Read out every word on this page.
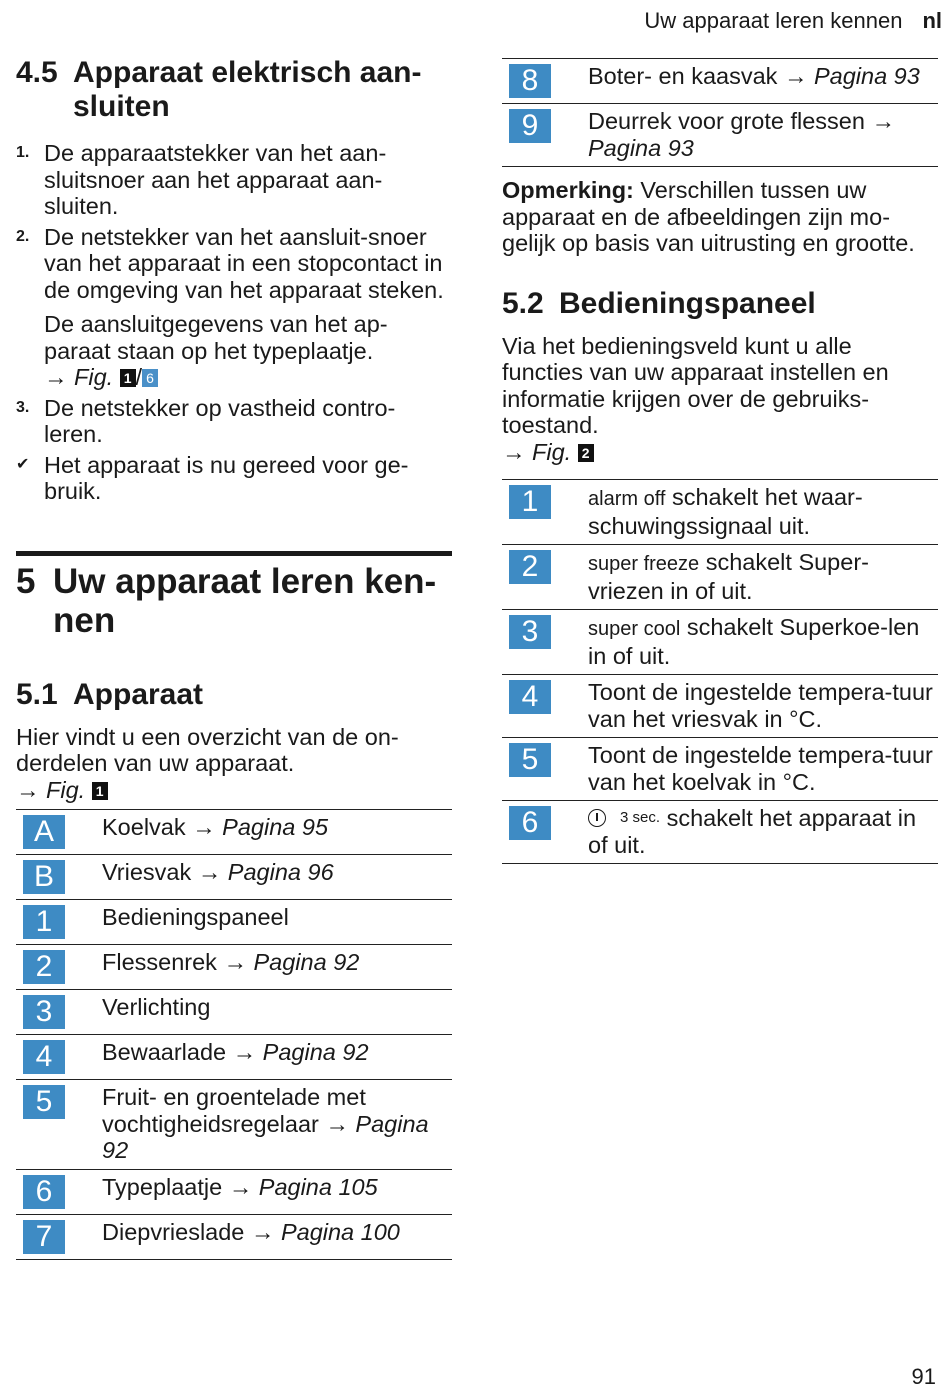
Uw apparaat leren kennen nl
4.5 Apparaat elektrisch aan-sluiten
1. De apparaatstekker van het aan-sluitsnoer aan het apparaat aan-sluiten.
2. De netstekker van het aansluit-snoer van het apparaat in een stopcontact in de omgeving van het apparaat steken.
De aansluitgegevens van het ap-paraat staan op het typeplaatje.
→ Fig. 1 / 6
3. De netstekker op vastheid contro-leren.
✔ Het apparaat is nu gereed voor ge-bruik.
5 Uw apparaat leren ken-nen
5.1 Apparaat
Hier vindt u een overzicht van de on-derdelen van uw apparaat.
→ Fig. 1
A	Koelvak → Pagina 95
B	Vriesvak → Pagina 96
1	Bedieningspaneel
2	Flessenrek → Pagina 92
3	Verlichting
4	Bewaarlade → Pagina 92
5	Fruit- en groentelade met vochtigheidsregelaar → Pagina 92
6	Typeplaatje → Pagina 105
7	Diepvrieslade → Pagina 100
8	Boter- en kaasvak → Pagina 93
9	Deurrek voor grote flessen → Pagina 93
Opmerking: Verschillen tussen uw apparaat en de afbeeldingen zijn mo-gelijk op basis van uitrusting en grootte.
5.2 Bedieningspaneel
Via het bedieningsveld kunt u alle functies van uw apparaat instellen en informatie krijgen over de gebruiks-toestand.
→ Fig. 2
1	alarm off schakelt het waar-schuwingssignaal uit.
2	super freeze schakelt Super-vriezen in of uit.
3	super cool schakelt Superkoe-len in of uit.
4	Toont de ingestelde tempera-tuur van het vriesvak in °C.
5	Toont de ingestelde tempera-tuur van het koelvak in °C.
6	3 sec. schakelt het apparaat in of uit.
91
